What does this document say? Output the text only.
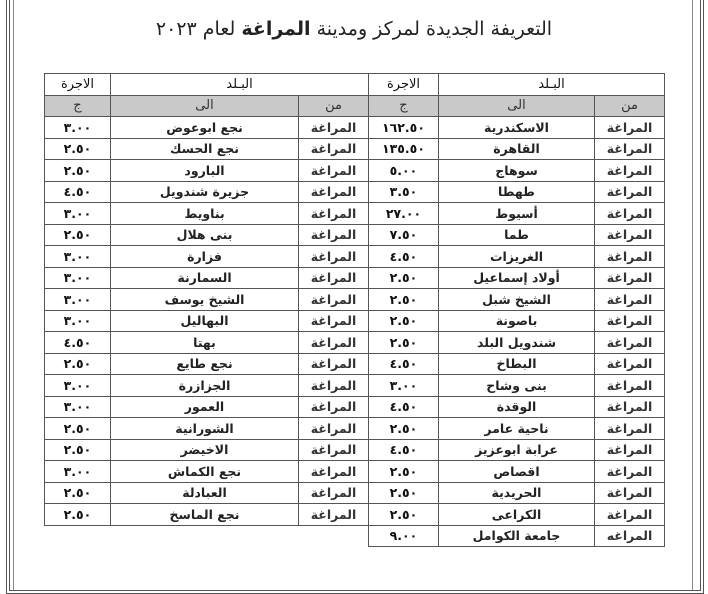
التعريفة الجديدة لمركز ومدينة المراغة لعام ٢٠٢٣
البـلد		الاجرة	البـلد		الاجرة
من	الى	ج	من	الى	ج
المراغة	الاسكندرية	١٦٢.٥٠	المراغة	نجع ابوعوض	٣.٠٠
المراغة	القاهرة	١٣٥.٥٠	المراغة	نجع الحسك	٢.٥٠
المراغة	سوهاج	٥.٠٠	المراغة	البارود	٢.٥٠
المراغة	طهطا	٣.٥٠	المراغة	جزيرة شندويل	٤.٥٠
المراغة	أسيوط	٢٧.٠٠	المراغة	بناويط	٣.٠٠
المراغة	طما	٧.٥٠	المراغة	بنى هلال	٢.٥٠
المراغة	الغريزات	٤.٥٠	المراغة	فزارة	٣.٠٠
المراغة	أولاد إسماعيل	٢.٥٠	المراغة	السمارنة	٣.٠٠
المراغة	الشيخ شبل	٢.٥٠	المراغة	الشيخ يوسف	٣.٠٠
المراغة	باصونة	٢.٥٠	المراغة	البهاليل	٣.٠٠
المراغة	شندويل البلد	٢.٥٠	المراغة	بهتا	٤.٥٠
المراغة	البطاخ	٤.٥٠	المراغة	نجع طايع	٢.٥٠
المراغة	بنى وشاح	٣.٠٠	المراغة	الجزازرة	٣.٠٠
المراغة	الوقدة	٤.٥٠	المراغة	العمور	٣.٠٠
المراغة	ناحية عامر	٢.٥٠	المراغة	الشورانية	٢.٥٠
المراغة	عرابة ابوعزيز	٤.٥٠	المراغة	الاخيضر	٢.٥٠
المراغة	اقصاص	٢.٥٠	المراغة	نجع الكماش	٣.٠٠
المراغة	الحريدية	٢.٥٠	المراغة	العبادلة	٢.٥٠
المراغة	الكراعى	٢.٥٠	المراغة	نجع الماسخ	٢.٥٠
المراغه	جامعة الكوامل	٩.٠٠			
